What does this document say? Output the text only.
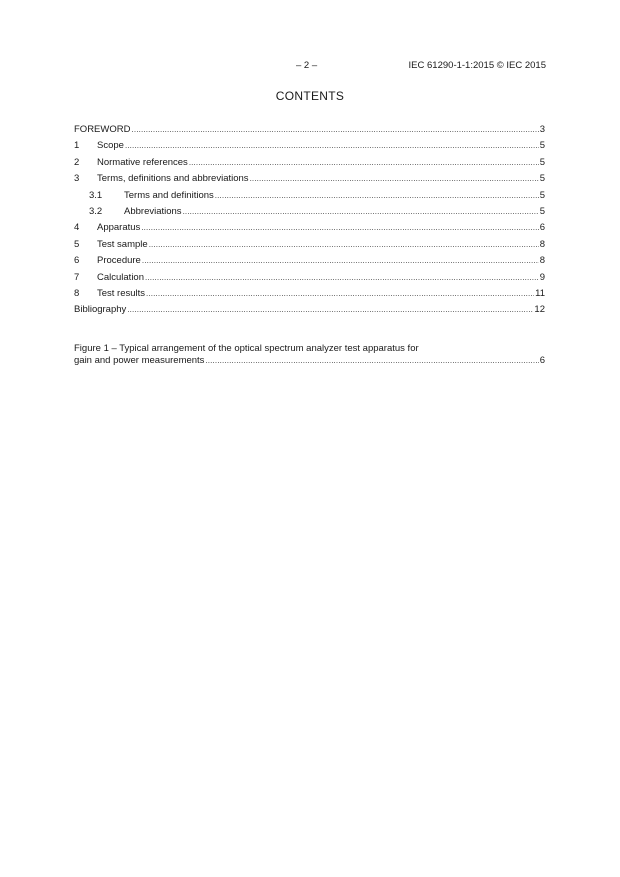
– 2 –	IEC 61290-1-1:2015 © IEC 2015
CONTENTS
FOREWORD .....	3
1	Scope .....	5
2	Normative references .....	5
3	Terms, definitions and abbreviations .....	5
3.1	Terms and definitions .....	5
3.2	Abbreviations .....	5
4	Apparatus .....	6
5	Test sample .....	8
6	Procedure .....	8
7	Calculation .....	9
8	Test results .....	11
Bibliography .....	12
Figure 1 – Typical arrangement of the optical spectrum analyzer test apparatus for
gain and power measurements .....	6
